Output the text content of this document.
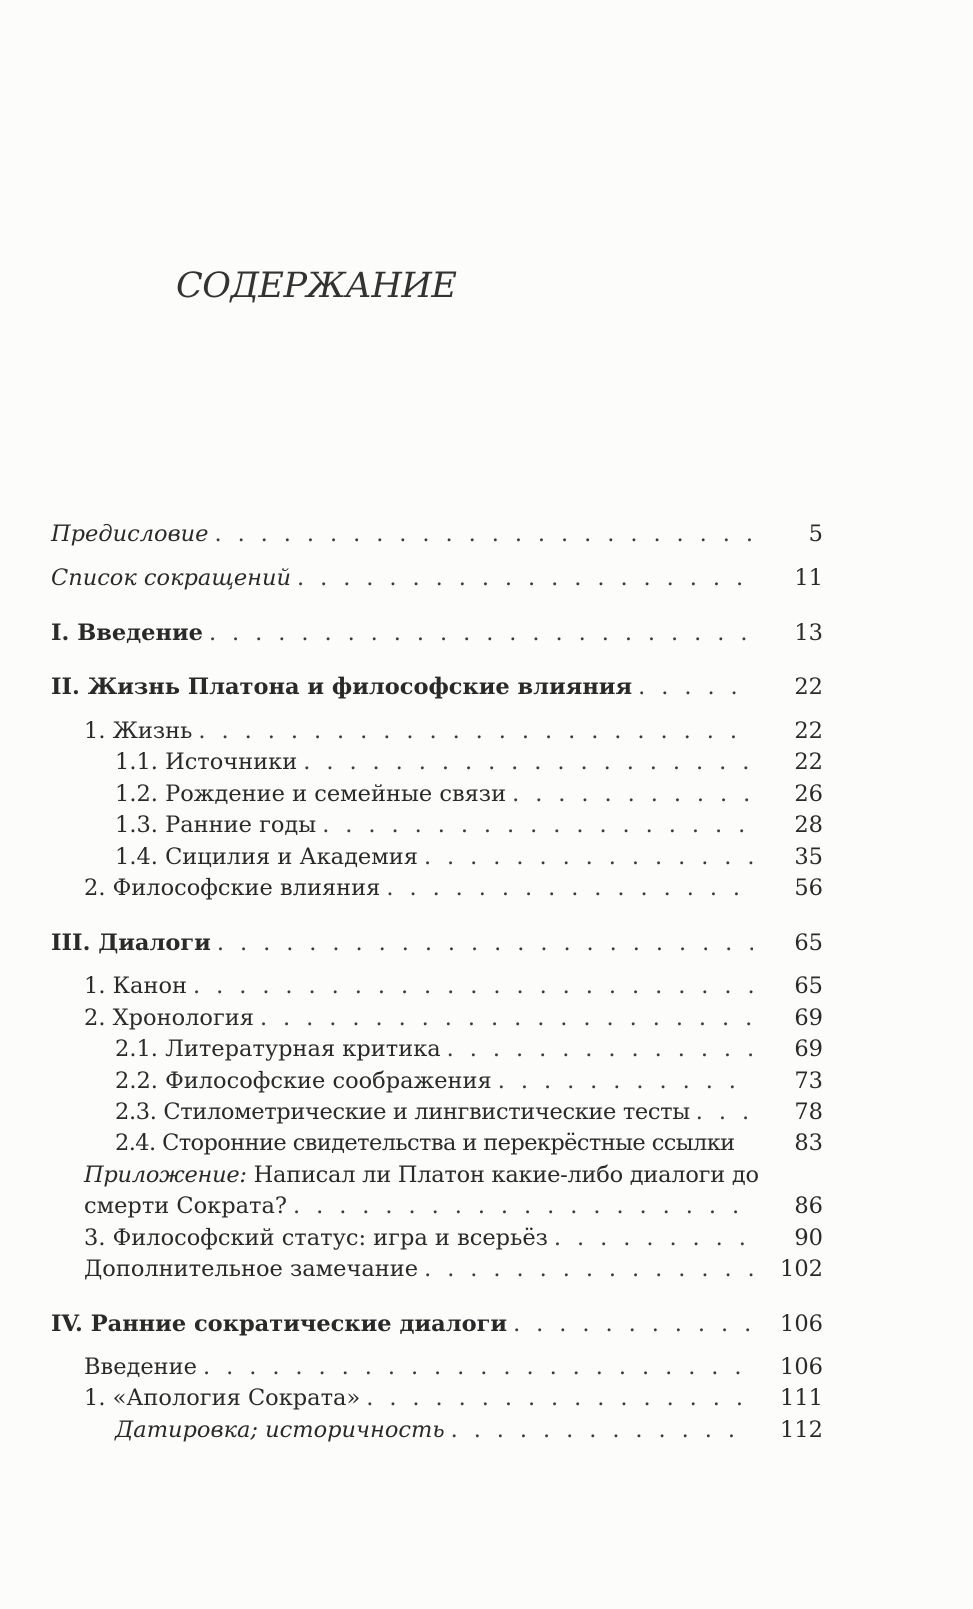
СОДЕРЖАНИЕ
Предисловие . . .	5
Список сокращений . . .	11
I. Введение . . .	13
II. Жизнь Платона и философские влияния . . .	22
1. Жизнь . . .	22
1.1. Источники . . .	22
1.2. Рождение и семейные связи . . .	26
1.3. Ранние годы . . .	28
1.4. Сицилия и Академия . . .	35
2. Философские влияния . . .	56
III. Диалоги . . .	65
1. Канон . . .	65
2. Хронология . . .	69
2.1. Литературная критика . . .	69
2.2. Философские соображения . . .	73
2.3. Стилометрические и лингвистические тесты . . .	78
2.4. Сторонние свидетельства и перекрёстные ссылки	83
Приложение: Написал ли Платон какие-либо диалоги до
смерти Сократа? . . .	86
3. Философский статус: игра и всерьёз . . .	90
Дополнительное замечание . . .	102
IV. Ранние сократические диалоги . . .	106
Введение . . .	106
1. «Апология Сократа» . . .	111
Датировка; историчность . . .	112
